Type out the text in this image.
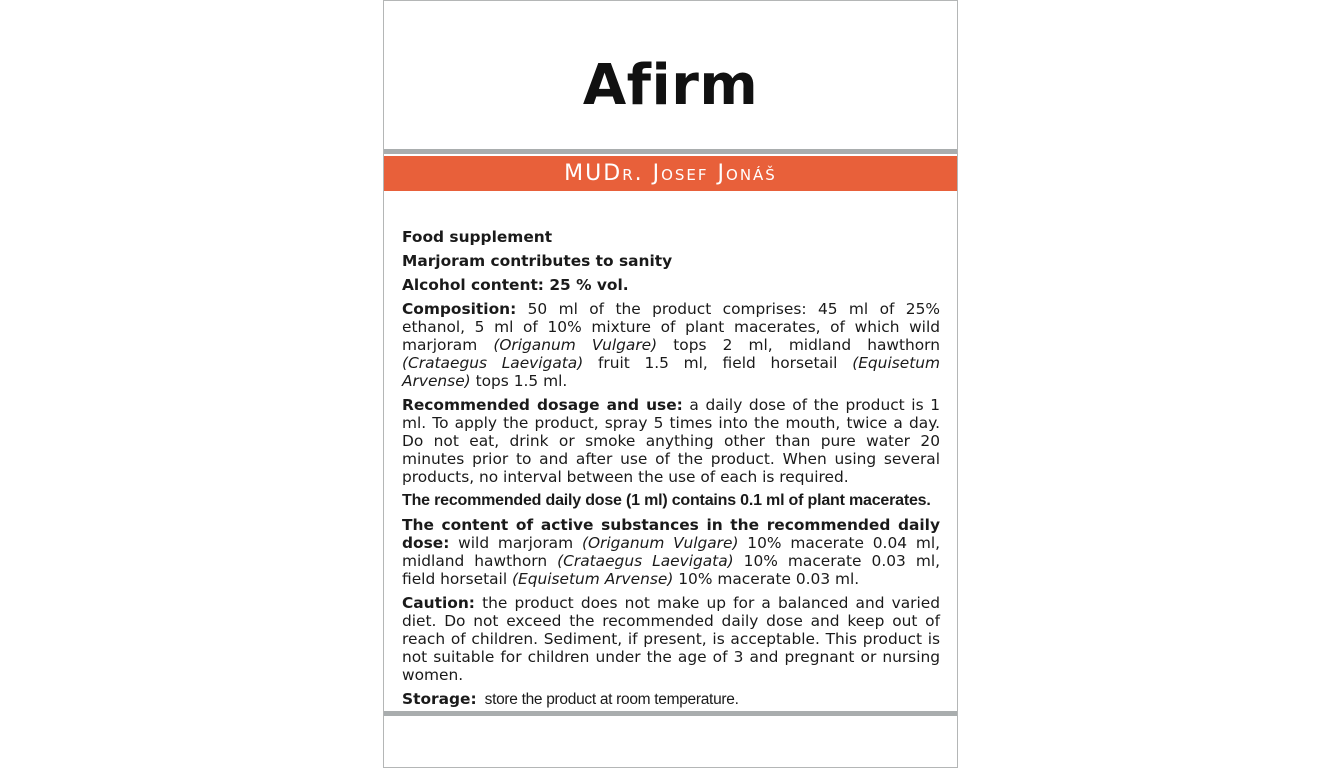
Afirm
MUDr. Josef Jonáš

Food supplement

Marjoram contributes to sanity

Alcohol content: 25 % vol.

Composition: 50 ml of the product comprises: 45 ml of 25% ethanol, 5 ml of 10% mixture of plant macerates, of which wild marjoram (Origanum Vulgare) tops 2 ml, midland hawthorn (Crataegus Laevigata) fruit 1.5 ml, field horsetail (Equisetum Arvense) tops 1.5 ml.

Recommended dosage and use: a daily dose of the product is 1 ml. To apply the product, spray 5 times into the mouth, twice a day. Do not eat, drink or smoke anything other than pure water 20 minutes prior to and after use of the product. When using several products, no interval between the use of each is required.

The recommended daily dose (1 ml) contains 0.1 ml of plant macerates.

The content of active substances in the recommended daily dose: wild marjoram (Origanum Vulgare) 10% macerate 0.04 ml, midland hawthorn (Crataegus Laevigata) 10% macerate 0.03 ml, field horsetail (Equisetum Arvense) 10% macerate 0.03 ml.

Caution: the product does not make up for a balanced and varied diet. Do not exceed the recommended daily dose and keep out of reach of children. Sediment, if present, is acceptable. This product is not suitable for children under the age of 3 and pregnant or nursing women.

Storage:  store the product at room temperature.
